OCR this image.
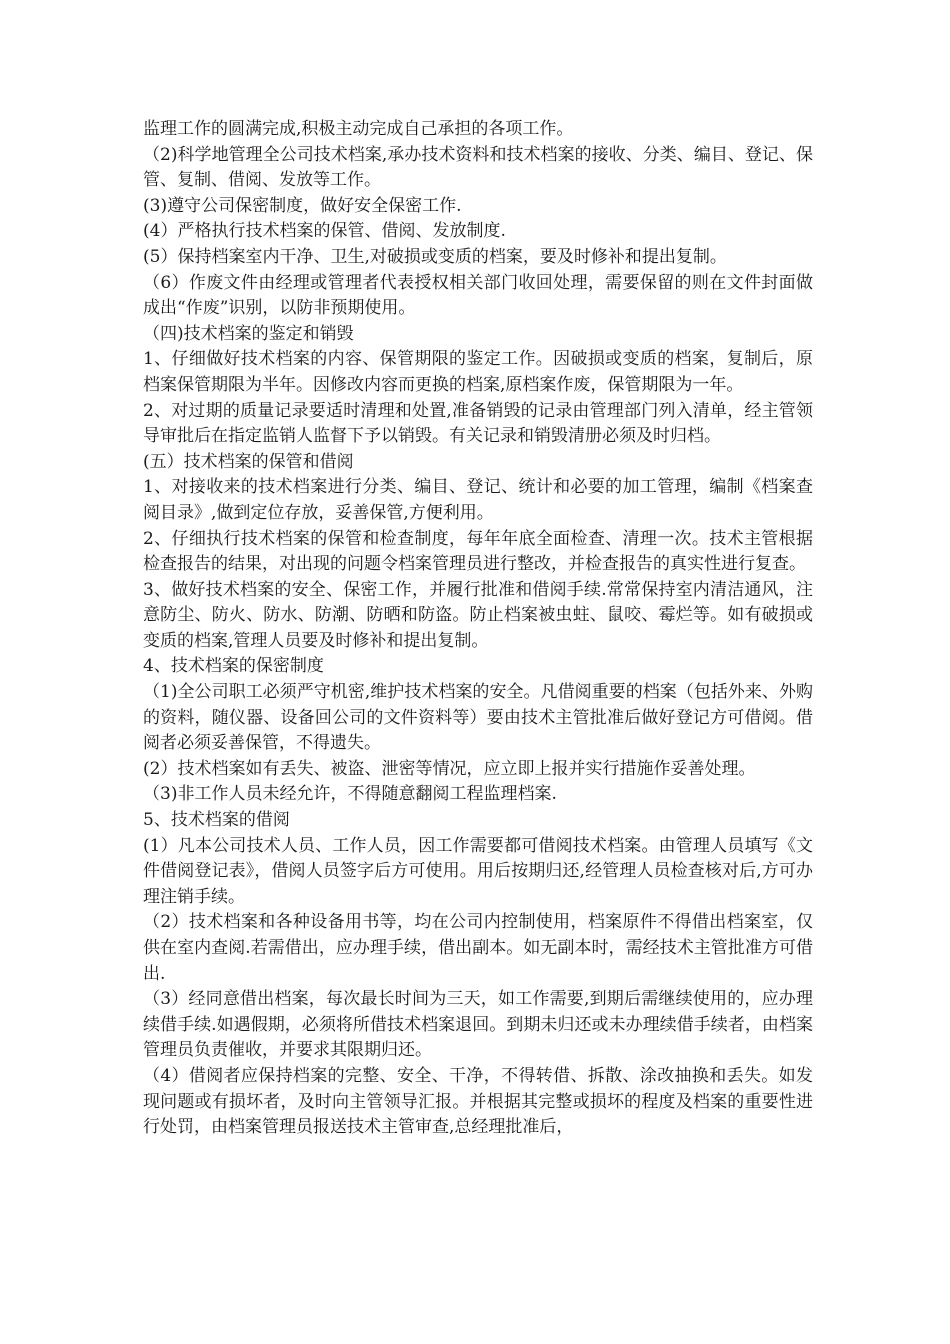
监理工作的圆满完成,积极主动完成自己承担的各项工作。

（2)科学地管理全公司技术档案,承办技术资料和技术档案的接收、分类、编目、登记、保管、复制、借阅、发放等工作。

(3)遵守公司保密制度，做好安全保密工作.

(4）严格执行技术档案的保管、借阅、发放制度.

(5）保持档案室内干净、卫生,对破损或变质的档案，要及时修补和提出复制。

（6）作废文件由经理或管理者代表授权相关部门收回处理，需要保留的则在文件封面做成出“作废”识别，以防非预期使用。

（四)技术档案的鉴定和销毁

1、仔细做好技术档案的内容、保管期限的鉴定工作。因破损或变质的档案，复制后，原档案保管期限为半年。因修改内容而更换的档案,原档案作废，保管期限为一年。

2、对过期的质量记录要适时清理和处置,准备销毁的记录由管理部门列入清单，经主管领导审批后在指定监销人监督下予以销毁。有关记录和销毁清册必须及时归档。

(五）技术档案的保管和借阅

1、对接收来的技术档案进行分类、编目、登记、统计和必要的加工管理，编制《档案查阅目录》,做到定位存放，妥善保管,方便利用。

2、仔细执行技术档案的保管和检查制度，每年年底全面检查、清理一次。技术主管根据检查报告的结果，对出现的问题令档案管理员进行整改，并检查报告的真实性进行复查。

3、做好技术档案的安全、保密工作，并履行批准和借阅手续.常常保持室内清洁通风，注意防尘、防火、防水、防潮、防晒和防盗。防止档案被虫蛀、鼠咬、霉烂等。如有破损或变质的档案,管理人员要及时修补和提出复制。

4、技术档案的保密制度

（1)全公司职工必须严守机密,维护技术档案的安全。凡借阅重要的档案（包括外来、外购的资料，随仪器、设备回公司的文件资料等）要由技术主管批准后做好登记方可借阅。借阅者必须妥善保管，不得遗失。

(2）技术档案如有丢失、被盗、泄密等情况，应立即上报并实行措施作妥善处理。

（3)非工作人员未经允许，不得随意翻阅工程监理档案.

5、技术档案的借阅

(1）凡本公司技术人员、工作人员，因工作需要都可借阅技术档案。由管理人员填写《文件借阅登记表》，借阅人员签字后方可使用。用后按期归还,经管理人员检查核对后,方可办理注销手续。

（2）技术档案和各种设备用书等，均在公司内控制使用，档案原件不得借出档案室，仅供在室内查阅.若需借出，应办理手续，借出副本。如无副本时，需经技术主管批准方可借出.

（3）经同意借出档案，每次最长时间为三天，如工作需要,到期后需继续使用的，应办理续借手续.如遇假期，必须将所借技术档案退回。到期未归还或未办理续借手续者，由档案管理员负责催收，并要求其限期归还。

（4）借阅者应保持档案的完整、安全、干净，不得转借、拆散、涂改抽换和丢失。如发现问题或有损坏者，及时向主管领导汇报。并根据其完整或损坏的程度及档案的重要性进行处罚，由档案管理员报送技术主管审查,总经理批准后，
